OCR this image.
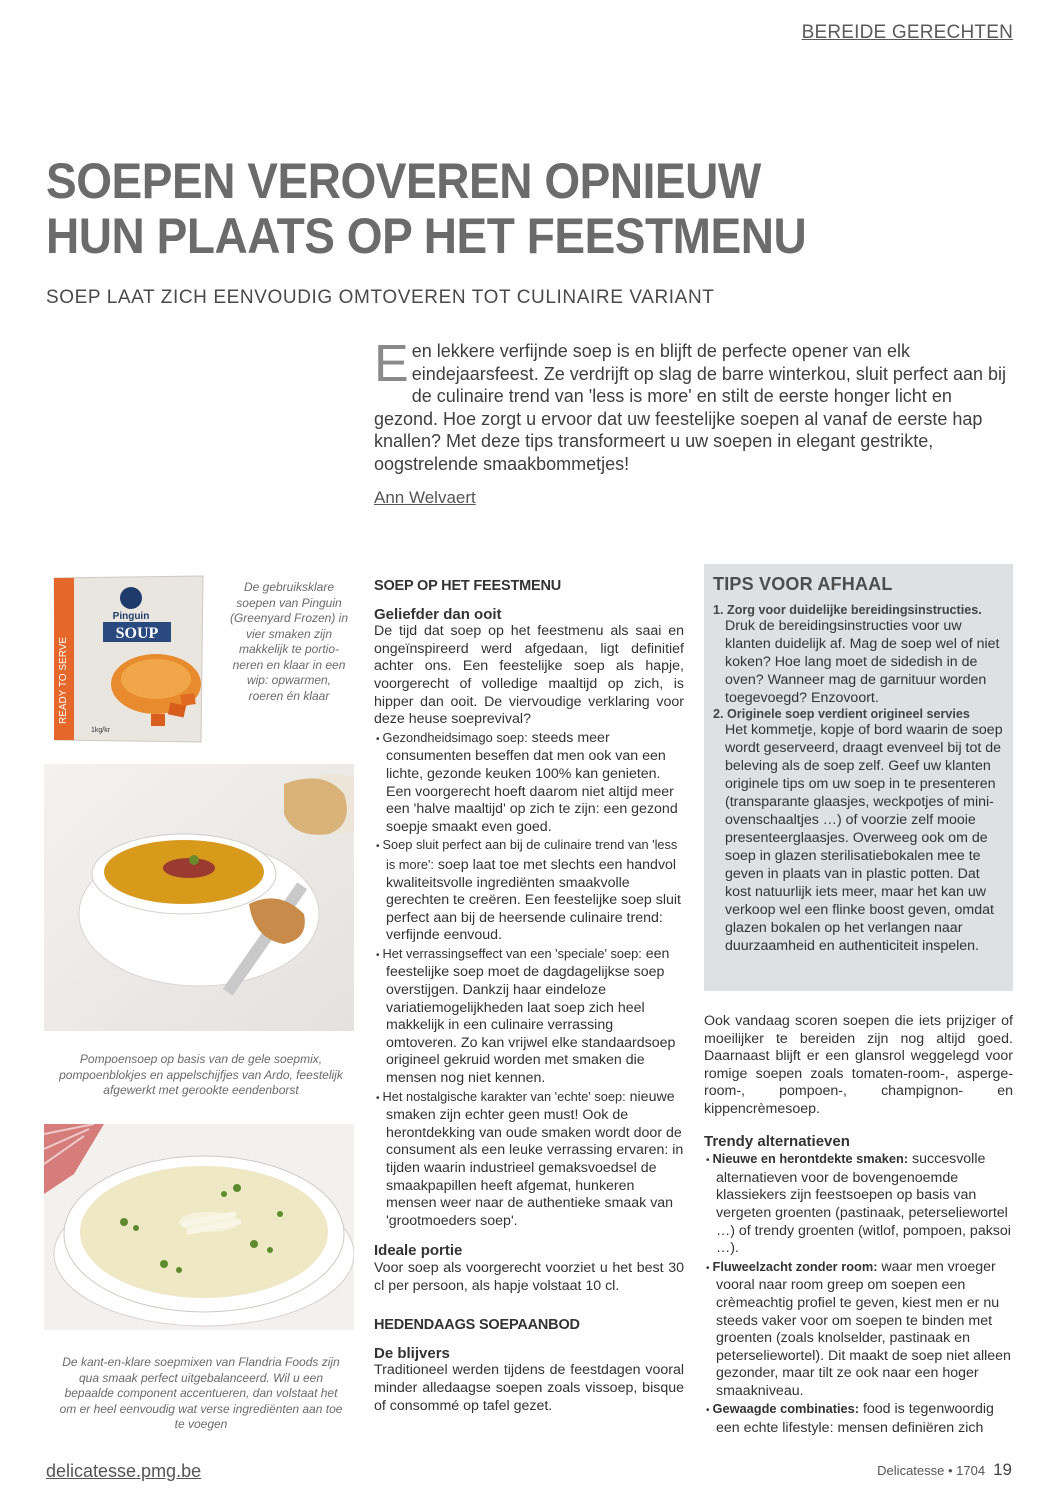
BEREIDE GERECHTEN
SOEPEN VEROVEREN OPNIEUW
HUN PLAATS OP HET FEESTMENU
SOEP LAAT ZICH EENVOUDIG OMTOVEREN TOT CULINAIRE VARIANT

Een lekkere verfijnde soep is en blijft de perfecte opener van elk eindejaarsfeest. Ze verdrijft op slag de barre winterkou, sluit perfect aan bij de culinaire trend van 'less is more' en stilt de eerste honger licht en gezond. Hoe zorgt u ervoor dat uw feestelijke soepen al vanaf de eerste hap knallen? Met deze tips transformeert u uw soepen in elegant gestrikte, oogstrelende smaakbommetjes!

Ann Welvaert
READY TO SERVE
Pinguin
SOUP
1kg/kr
De gebruiksklare soepen van Pinguin (Greenyard Frozen) in vier smaken zijn makkelijk te portio-neren en klaar in een wip: opwarmen, roeren én klaar
Pompoensoep op basis van de gele soepmix, pompoenblokjes en appelschijfjes van Ardo, feestelijk afgewerkt met gerookte eendenborst
De kant-en-klare soepmixen van Flandria Foods zijn qua smaak perfect uitgebalanceerd. Wil u een bepaalde component accentueren, dan volstaat het om er heel eenvoudig wat verse ingrediënten aan toe te voegen
SOEP OP HET FEESTMENU
Geliefder dan ooit

De tijd dat soep op het feestmenu als saai en ongeïnspireerd werd afgedaan, ligt definitief achter ons. Een feestelijke soep als hapje, voorgerecht of volledige maaltijd op zich, is hipper dan ooit. De viervoudige verklaring voor deze heuse soeprevival?

• Gezondheidsimago soep: steeds meer consumenten beseffen dat men ook van een lichte, gezonde keuken 100% kan genieten. Een voorgerecht hoeft daarom niet altijd meer een 'halve maaltijd' op zich te zijn: een gezond soepje smaakt even goed.
• Soep sluit perfect aan bij de culinaire trend van 'less is more': soep laat toe met slechts een handvol kwaliteitsvolle ingrediënten smaakvolle gerechten te creëren. Een feestelijke soep sluit perfect aan bij de heersende culinaire trend: verfijnde eenvoud.
• Het verrassingseffect van een 'speciale' soep: een feestelijke soep moet de dagdagelijkse soep overstijgen. Dankzij haar eindeloze variatiemogelijkheden laat soep zich heel makkelijk in een culinaire verrassing omtoveren. Zo kan vrijwel elke standaardsoep origineel gekruid worden met smaken die mensen nog niet kennen.
• Het nostalgische karakter van 'echte' soep: nieuwe smaken zijn echter geen must! Ook de herontdekking van oude smaken wordt door de consument als een leuke verrassing ervaren: in tijden waarin industrieel gemaksvoedsel de smaakpapillen heeft afgemat, hunkeren mensen weer naar de authentieke smaak van 'grootmoeders soep'.
Ideale portie

Voor soep als voorgerecht voorziet u het best 30 cl per persoon, als hapje volstaat 10 cl.

HEDENDAAGS SOEPAANBOD
De blijvers

Traditioneel werden tijdens de feestdagen vooral minder alledaagse soepen zoals vissoep, bisque of consommé op tafel gezet.

TIPS VOOR AFHAAL
1. Zorg voor duidelijke bereidingsinstructies.
Druk de bereidingsinstructies voor uw klanten duidelijk af. Mag de soep wel of niet koken? Hoe lang moet de sidedish in de oven? Wanneer mag de garnituur worden toegevoegd? Enzovoort.
2. Originele soep verdient origineel servies
Het kommetje, kopje of bord waarin de soep wordt geserveerd, draagt evenveel bij tot de beleving als de soep zelf. Geef uw klanten originele tips om uw soep in te presenteren (transparante glaasjes, weckpotjes of mini-ovenschaaltjes …) of voorzie zelf mooie presenteerglaasjes. Overweeg ook om de soep in glazen sterilisatiebokalen mee te geven in plaats van in plastic potten. Dat kost natuurlijk iets meer, maar het kan uw verkoop wel een flinke boost geven, omdat glazen bokalen op het verlangen naar duurzaamheid en authenticiteit inspelen.

Ook vandaag scoren soepen die iets prijziger of moeilijker te bereiden zijn nog altijd goed. Daarnaast blijft er een glansrol weggelegd voor romige soepen zoals tomaten-room-, asperge-room-, pompoen-, champignon- en kippencrèmesoep.

Trendy alternatieven
• Nieuwe en herontdekte smaken: succesvolle alternatieven voor de bovengenoemde klassiekers zijn feestsoepen op basis van vergeten groenten (pastinaak, peterseliewortel …) of trendy groenten (witlof, pompoen, paksoi …).
• Fluweelzacht zonder room: waar men vroeger vooral naar room greep om soepen een crèmeachtig profiel te geven, kiest men er nu steeds vaker voor om soepen te binden met groenten (zoals knolselder, pastinaak en peterseliewortel). Dit maakt de soep niet alleen gezonder, maar tilt ze ook naar een hoger smaakniveau.
• Gewaagde combinaties: food is tegenwoordig een echte lifestyle: mensen definiëren zich
delicatesse.pmg.be	Delicatesse • 1704 19
